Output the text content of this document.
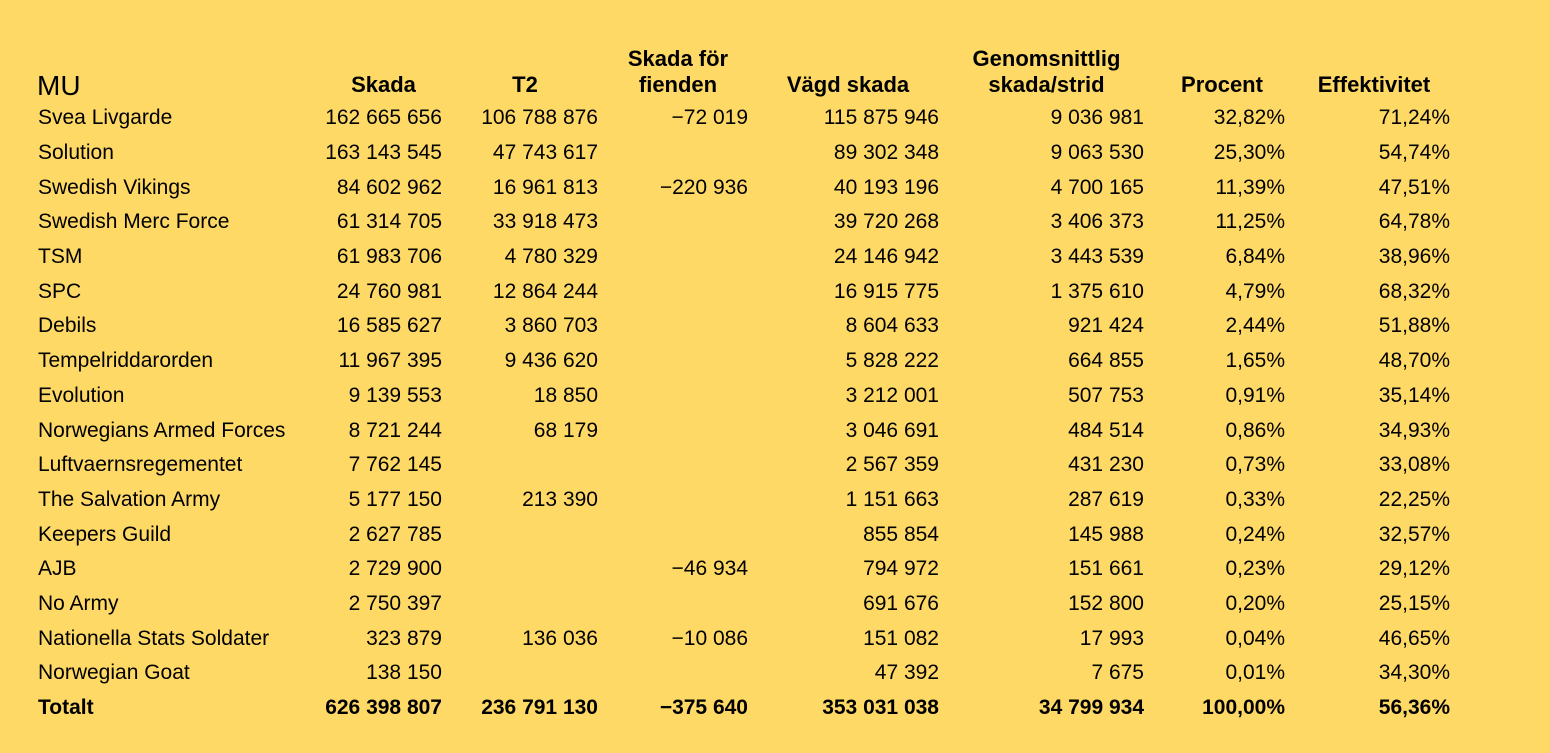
MU	Skada	T2	Skada för fienden	Vägd skada	Genomsnittlig skada/strid	Procent	Effektivitet
Svea Livgarde	162 665 656	106 788 876	−72 019	115 875 946	9 036 981	32,82%	71,24%
Solution	163 143 545	47 743 617		89 302 348	9 063 530	25,30%	54,74%
Swedish Vikings	84 602 962	16 961 813	−220 936	40 193 196	4 700 165	11,39%	47,51%
Swedish Merc Force	61 314 705	33 918 473		39 720 268	3 406 373	11,25%	64,78%
TSM	61 983 706	4 780 329		24 146 942	3 443 539	6,84%	38,96%
SPC	24 760 981	12 864 244		16 915 775	1 375 610	4,79%	68,32%
Debils	16 585 627	3 860 703		8 604 633	921 424	2,44%	51,88%
Tempelriddarorden	11 967 395	9 436 620		5 828 222	664 855	1,65%	48,70%
Evolution	9 139 553	18 850		3 212 001	507 753	0,91%	35,14%
Norwegians Armed Forces	8 721 244	68 179		3 046 691	484 514	0,86%	34,93%
Luftvaernsregementet	7 762 145			2 567 359	431 230	0,73%	33,08%
The Salvation Army	5 177 150	213 390		1 151 663	287 619	0,33%	22,25%
Keepers Guild	2 627 785			855 854	145 988	0,24%	32,57%
AJB	2 729 900		−46 934	794 972	151 661	0,23%	29,12%
No Army	2 750 397			691 676	152 800	0,20%	25,15%
Nationella Stats Soldater	323 879	136 036	−10 086	151 082	17 993	0,04%	46,65%
Norwegian Goat	138 150			47 392	7 675	0,01%	34,30%
Totalt	626 398 807	236 791 130	−375 640	353 031 038	34 799 934	100,00%	56,36%
